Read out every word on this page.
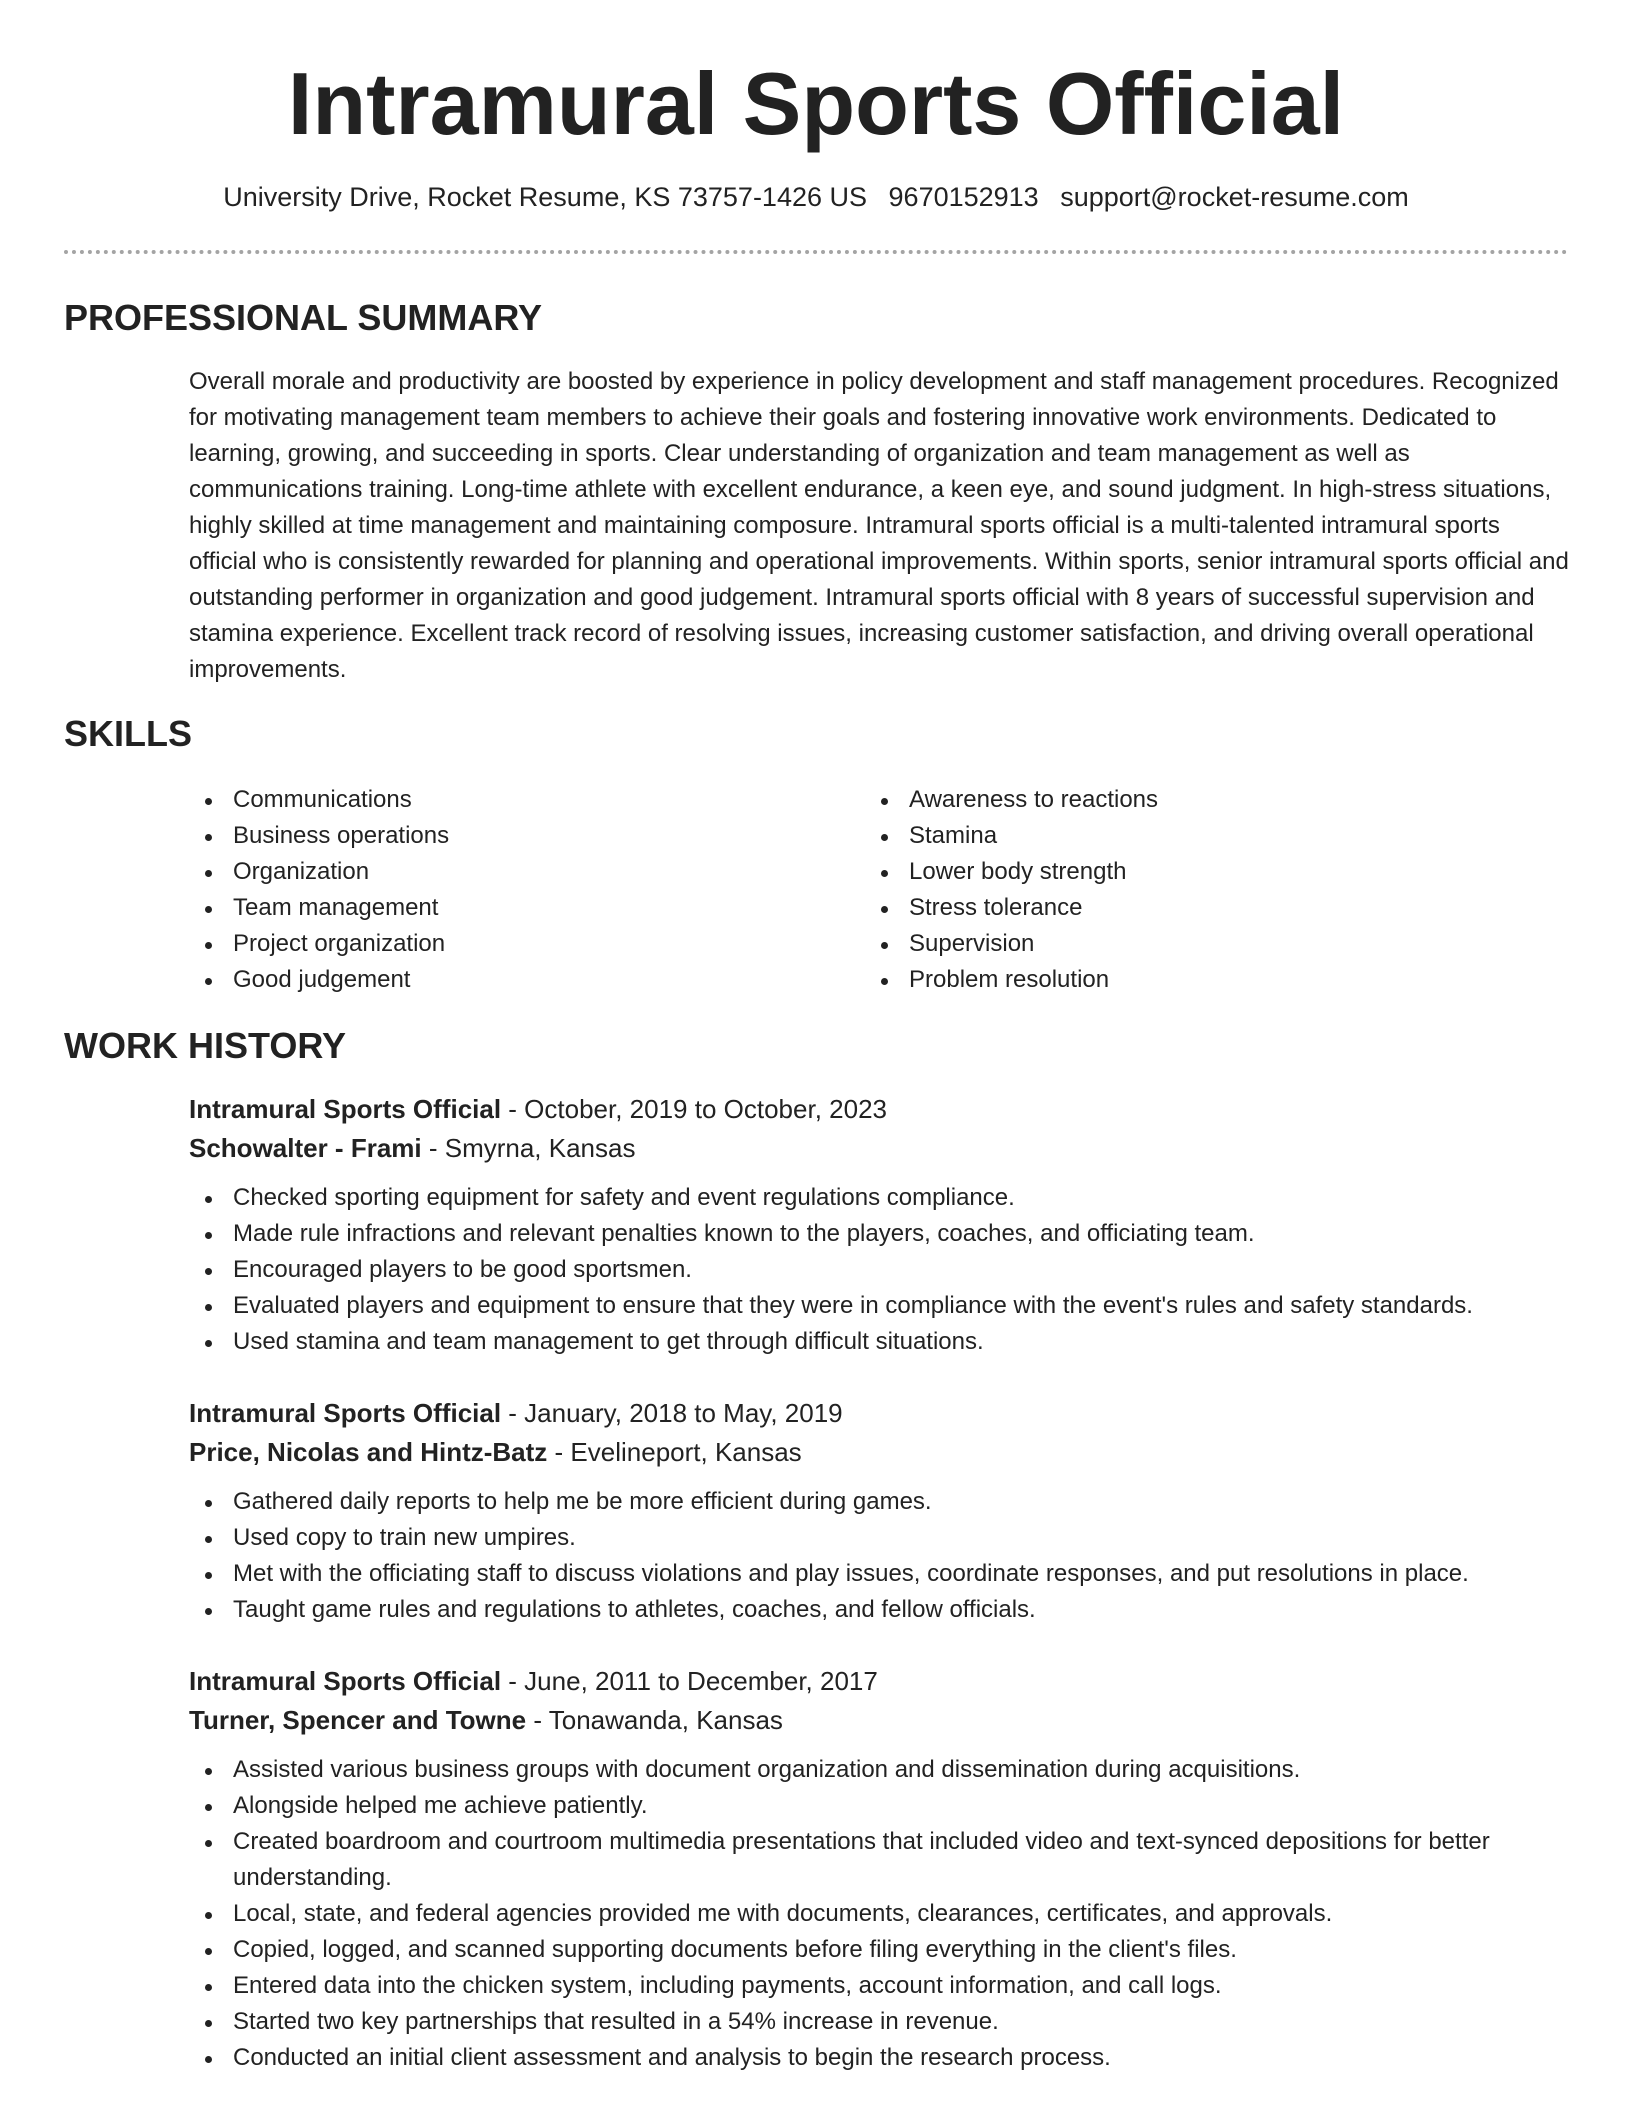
Intramural Sports Official
University Drive, Rocket Resume, KS 73757-1426 US 9670152913 support@rocket-resume.com
PROFESSIONAL SUMMARY

Overall morale and productivity are boosted by experience in policy development and staff management procedures. Recognized for motivating management team members to achieve their goals and fostering innovative work environments. Dedicated to learning, growing, and succeeding in sports. Clear understanding of organization and team management as well as communications training. Long-time athlete with excellent endurance, a keen eye, and sound judgment. In high-stress situations, highly skilled at time management and maintaining composure. Intramural sports official is a multi-talented intramural sports official who is consistently rewarded for planning and operational improvements. Within sports, senior intramural sports official and outstanding performer in organization and good judgement. Intramural sports official with 8 years of successful supervision and stamina experience. Excellent track record of resolving issues, increasing customer satisfaction, and driving overall operational improvements.

SKILLS
Communications
Business operations
Organization
Team management
Project organization
Good judgement
Awareness to reactions
Stamina
Lower body strength
Stress tolerance
Supervision
Problem resolution
WORK HISTORY
Intramural Sports Official - October, 2019 to October, 2023
Schowalter - Frami - Smyrna, Kansas
Checked sporting equipment for safety and event regulations compliance.
Made rule infractions and relevant penalties known to the players, coaches, and officiating team.
Encouraged players to be good sportsmen.
Evaluated players and equipment to ensure that they were in compliance with the event's rules and safety standards.
Used stamina and team management to get through difficult situations.
Intramural Sports Official - January, 2018 to May, 2019
Price, Nicolas and Hintz-Batz - Evelineport, Kansas
Gathered daily reports to help me be more efficient during games.
Used copy to train new umpires.
Met with the officiating staff to discuss violations and play issues, coordinate responses, and put resolutions in place.
Taught game rules and regulations to athletes, coaches, and fellow officials.
Intramural Sports Official - June, 2011 to December, 2017
Turner, Spencer and Towne - Tonawanda, Kansas
Assisted various business groups with document organization and dissemination during acquisitions.
Alongside helped me achieve patiently.
Created boardroom and courtroom multimedia presentations that included video and text-synced depositions for better understanding.
Local, state, and federal agencies provided me with documents, clearances, certificates, and approvals.
Copied, logged, and scanned supporting documents before filing everything in the client's files.
Entered data into the chicken system, including payments, account information, and call logs.
Started two key partnerships that resulted in a 54% increase in revenue.
Conducted an initial client assessment and analysis to begin the research process.
